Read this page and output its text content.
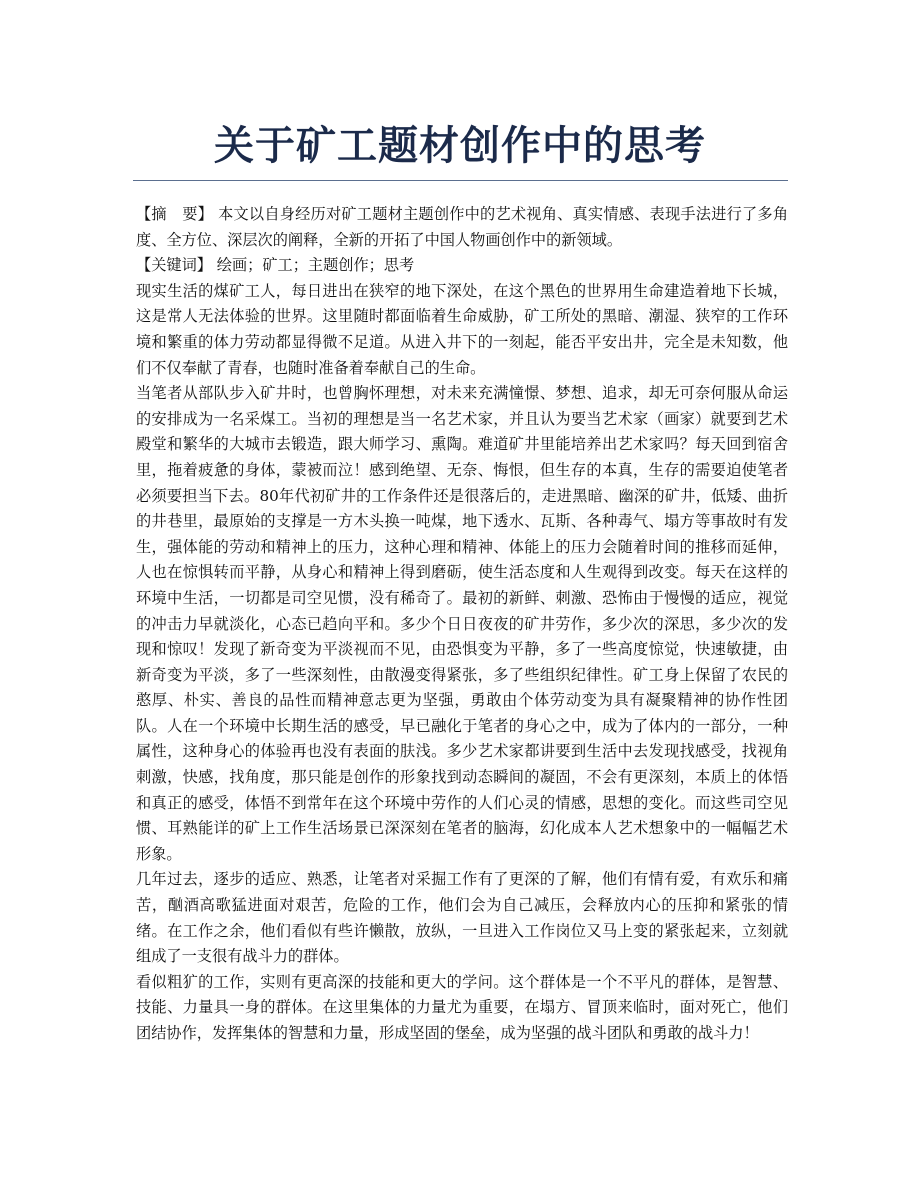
关于矿工题材创作中的思考

【摘　要】 本文以自身经历对矿工题材主题创作中的艺术视角、真实情感、表现手法进行了多角度、全方位、深层次的阐释，全新的开拓了中国人物画创作中的新领域。

【关键词】 绘画；矿工；主题创作；思考

现实生活的煤矿工人，每日进出在狭窄的地下深处，在这个黑色的世界用生命建造着地下长城，这是常人无法体验的世界。这里随时都面临着生命威胁，矿工所处的黑暗、潮湿、狭窄的工作环境和繁重的体力劳动都显得微不足道。从进入井下的一刻起，能否平安出井，完全是未知数，他们不仅奉献了青春，也随时准备着奉献自己的生命。

当笔者从部队步入矿井时，也曾胸怀理想，对未来充满憧憬、梦想、追求，却无可奈何服从命运的安排成为一名采煤工。当初的理想是当一名艺术家，并且认为要当艺术家（画家）就要到艺术殿堂和繁华的大城市去锻造，跟大师学习、熏陶。难道矿井里能培养出艺术家吗？每天回到宿舍里，拖着疲惫的身体，蒙被而泣！感到绝望、无奈、悔恨，但生存的本真，生存的需要迫使笔者必须要担当下去。80年代初矿井的工作条件还是很落后的，走进黑暗、幽深的矿井，低矮、曲折的井巷里，最原始的支撑是一方木头换一吨煤，地下透水、瓦斯、各种毒气、塌方等事故时有发生，强体能的劳动和精神上的压力，这种心理和精神、体能上的压力会随着时间的推移而延伸，人也在惊惧转而平静，从身心和精神上得到磨砺，使生活态度和人生观得到改变。每天在这样的环境中生活，一切都是司空见惯，没有稀奇了。最初的新鲜、刺激、恐怖由于慢慢的适应，视觉的冲击力早就淡化，心态已趋向平和。多少个日日夜夜的矿井劳作，多少次的深思，多少次的发现和惊叹！发现了新奇变为平淡视而不见，由恐惧变为平静，多了一些高度惊觉，快速敏捷，由新奇变为平淡，多了一些深刻性，由散漫变得紧张，多了些组织纪律性。矿工身上保留了农民的憨厚、朴实、善良的品性而精神意志更为坚强，勇敢由个体劳动变为具有凝聚精神的协作性团队。人在一个环境中长期生活的感受，早已融化于笔者的身心之中，成为了体内的一部分，一种属性，这种身心的体验再也没有表面的肤浅。多少艺术家都讲要到生活中去发现找感受，找视角刺激，快感，找角度，那只能是创作的形象找到动态瞬间的凝固，不会有更深刻，本质上的体悟和真正的感受，体悟不到常年在这个环境中劳作的人们心灵的情感，思想的变化。而这些司空见惯、耳熟能详的矿上工作生活场景已深深刻在笔者的脑海，幻化成本人艺术想象中的一幅幅艺术形象。

几年过去，逐步的适应、熟悉，让笔者对采掘工作有了更深的了解，他们有情有爱，有欢乐和痛苦，酗酒高歌猛进面对艰苦，危险的工作，他们会为自己减压，会释放内心的压抑和紧张的情绪。在工作之余，他们看似有些许懒散，放纵，一旦进入工作岗位又马上变的紧张起来，立刻就组成了一支很有战斗力的群体。

看似粗犷的工作，实则有更高深的技能和更大的学问。这个群体是一个不平凡的群体，是智慧、技能、力量具一身的群体。在这里集体的力量尤为重要，在塌方、冒顶来临时，面对死亡，他们团结协作，发挥集体的智慧和力量，形成坚固的堡垒，成为坚强的战斗团队和勇敢的战斗力！
